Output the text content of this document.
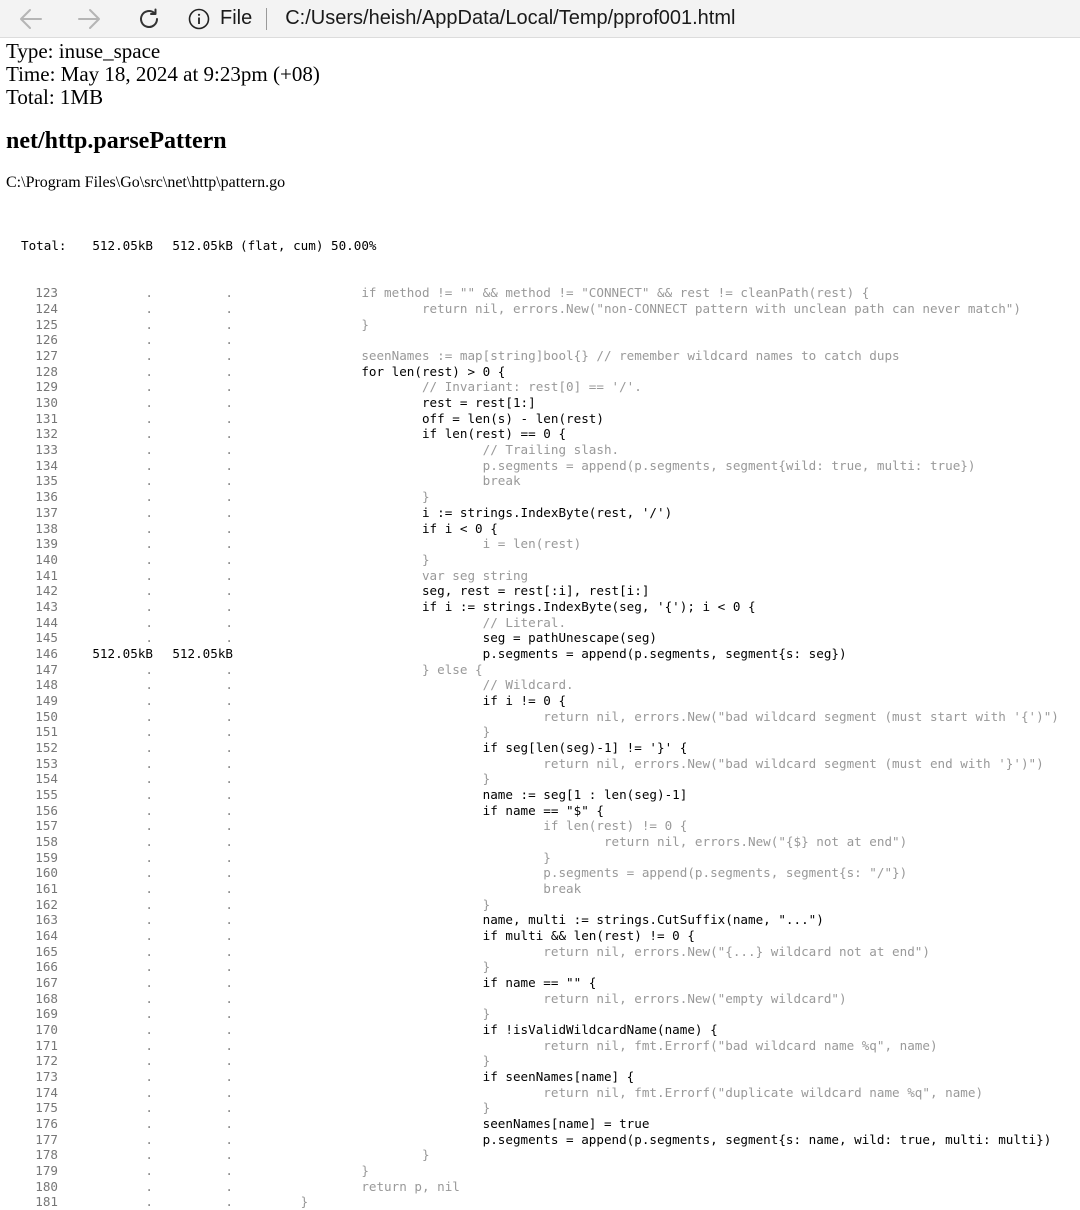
File C:/Users/heish/AppData/Local/Temp/pprof001.html
Type: inuse_space
Time: May 18, 2024 at 9:23pm (+08)
Total: 1MB
net/http.parsePattern
C:\Program Files\Go\src\net\http\pattern.go

Total:	512.05kB	512.05kB (flat, cum) 50.00%

123	.	. if method != "" && method != "CONNECT" && rest != cleanPath(rest) {
124	.	. return nil, errors.New("non-CONNECT pattern with unclean path can never match")
125	.	. }
126	.	.
127	.	. seenNames := map[string]bool{} // remember wildcard names to catch dups
128	.	. for len(rest) > 0 {
129	.	. // Invariant: rest[0] == '/'.
130	.	. rest = rest[1:]
131	.	. off = len(s) - len(rest)
132	.	. if len(rest) == 0 {
133	.	. // Trailing slash.
134	.	. p.segments = append(p.segments, segment{wild: true, multi: true})
135	.	. break
136	.	. }
137	.	. i := strings.IndexByte(rest, '/')
138	.	. if i < 0 {
139	.	. i = len(rest)
140	.	. }
141	.	. var seg string
142	.	. seg, rest = rest[:i], rest[i:]
143	.	. if i := strings.IndexByte(seg, '{'); i < 0 {
144	.	. // Literal.
145	.	. seg = pathUnescape(seg)
146	512.05kB	512.05kB p.segments = append(p.segments, segment{s: seg})
147	.	. } else {
148	.	. // Wildcard.
149	.	. if i != 0 {
150	.	. return nil, errors.New("bad wildcard segment (must start with '{')")
151	.	. }
152	.	. if seg[len(seg)-1] != '}' {
153	.	. return nil, errors.New("bad wildcard segment (must end with '}')")
154	.	. }
155	.	. name := seg[1 : len(seg)-1]
156	.	. if name == "$" {
157	.	. if len(rest) != 0 {
158	.	. return nil, errors.New("{$} not at end")
159	.	. }
160	.	. p.segments = append(p.segments, segment{s: "/"})
161	.	. break
162	.	. }
163	.	. name, multi := strings.CutSuffix(name, "...")
164	.	. if multi && len(rest) != 0 {
165	.	. return nil, errors.New("{...} wildcard not at end")
166	.	. }
167	.	. if name == "" {
168	.	. return nil, errors.New("empty wildcard")
169	.	. }
170	.	. if !isValidWildcardName(name) {
171	.	. return nil, fmt.Errorf("bad wildcard name %q", name)
172	.	. }
173	.	. if seenNames[name] {
174	.	. return nil, fmt.Errorf("duplicate wildcard name %q", name)
175	.	. }
176	.	. seenNames[name] = true
177	.	. p.segments = append(p.segments, segment{s: name, wild: true, multi: multi})
178	.	. }
179	.	. }
180	.	. return p, nil
181	.	. }
